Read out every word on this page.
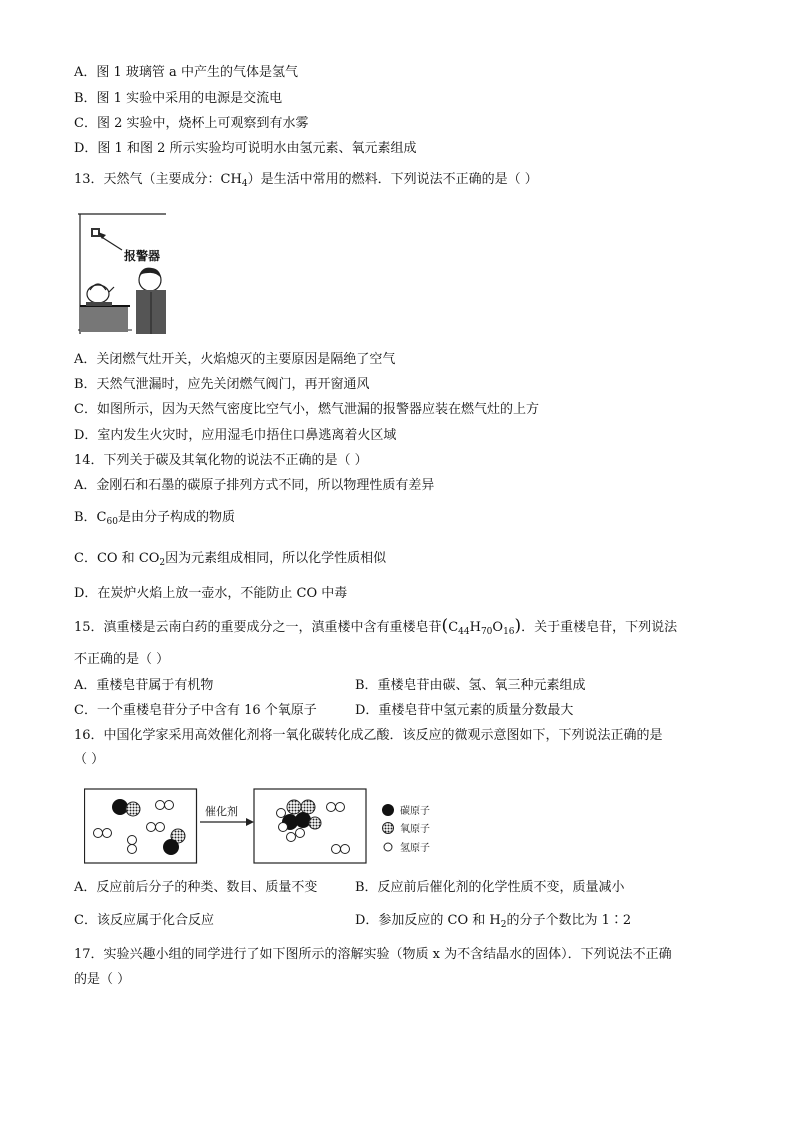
A．图 1 玻璃管 a 中产生的气体是氢气
B．图 1 实验中采用的电源是交流电
C．图 2 实验中，烧杯上可观察到有水雾
D．图 1 和图 2 所示实验均可说明水由氢元素、氧元素组成
13．天然气（主要成分：$CH_4$）是生活中常用的燃料．下列说法不正确的是（ ）
报警器
A．关闭燃气灶开关，火焰熄灭的主要原因是隔绝了空气
B．天然气泄漏时，应先关闭燃气阀门，再开窗通风
C．如图所示，因为天然气密度比空气小，燃气泄漏的报警器应装在燃气灶的上方
D．室内发生火灾时，应用湿毛巾捂住口鼻逃离着火区域
14．下列关于碳及其氧化物的说法不正确的是（ ）
A．金刚石和石墨的碳原子排列方式不同，所以物理性质有差异
B．$C_{60}$是由分子构成的物质
C．CO 和 $CO_2$因为元素组成相同，所以化学性质相似
D．在炭炉火焰上放一壶水，不能防止 CO 中毒
15．滇重楼是云南白药的重要成分之一，滇重楼中含有重楼皂苷$(C_{44}H_{70}O_{16})$．关于重楼皂苷，下列说法
不正确的是（ ）
A．重楼皂苷属于有机物	B．重楼皂苷由碳、氢、氧三种元素组成
C．一个重楼皂苷分子中含有 16 个氧原子	D．重楼皂苷中氢元素的质量分数最大
16．中国化学家采用高效催化剂将一氧化碳转化成乙酸．该反应的微观示意图如下，下列说法正确的是
（ ）
催化剂	碳原子
氧原子
氢原子
A．反应前后分子的种类、数目、质量不变	B．反应前后催化剂的化学性质不变，质量减小
C．该反应属于化合反应	D．参加反应的 CO 和 $H_2$的分子个数比为 1∶2
17．实验兴趣小组的同学进行了如下图所示的溶解实验（物质 x 为不含结晶水的固体）．下列说法不正确
的是（ ）
